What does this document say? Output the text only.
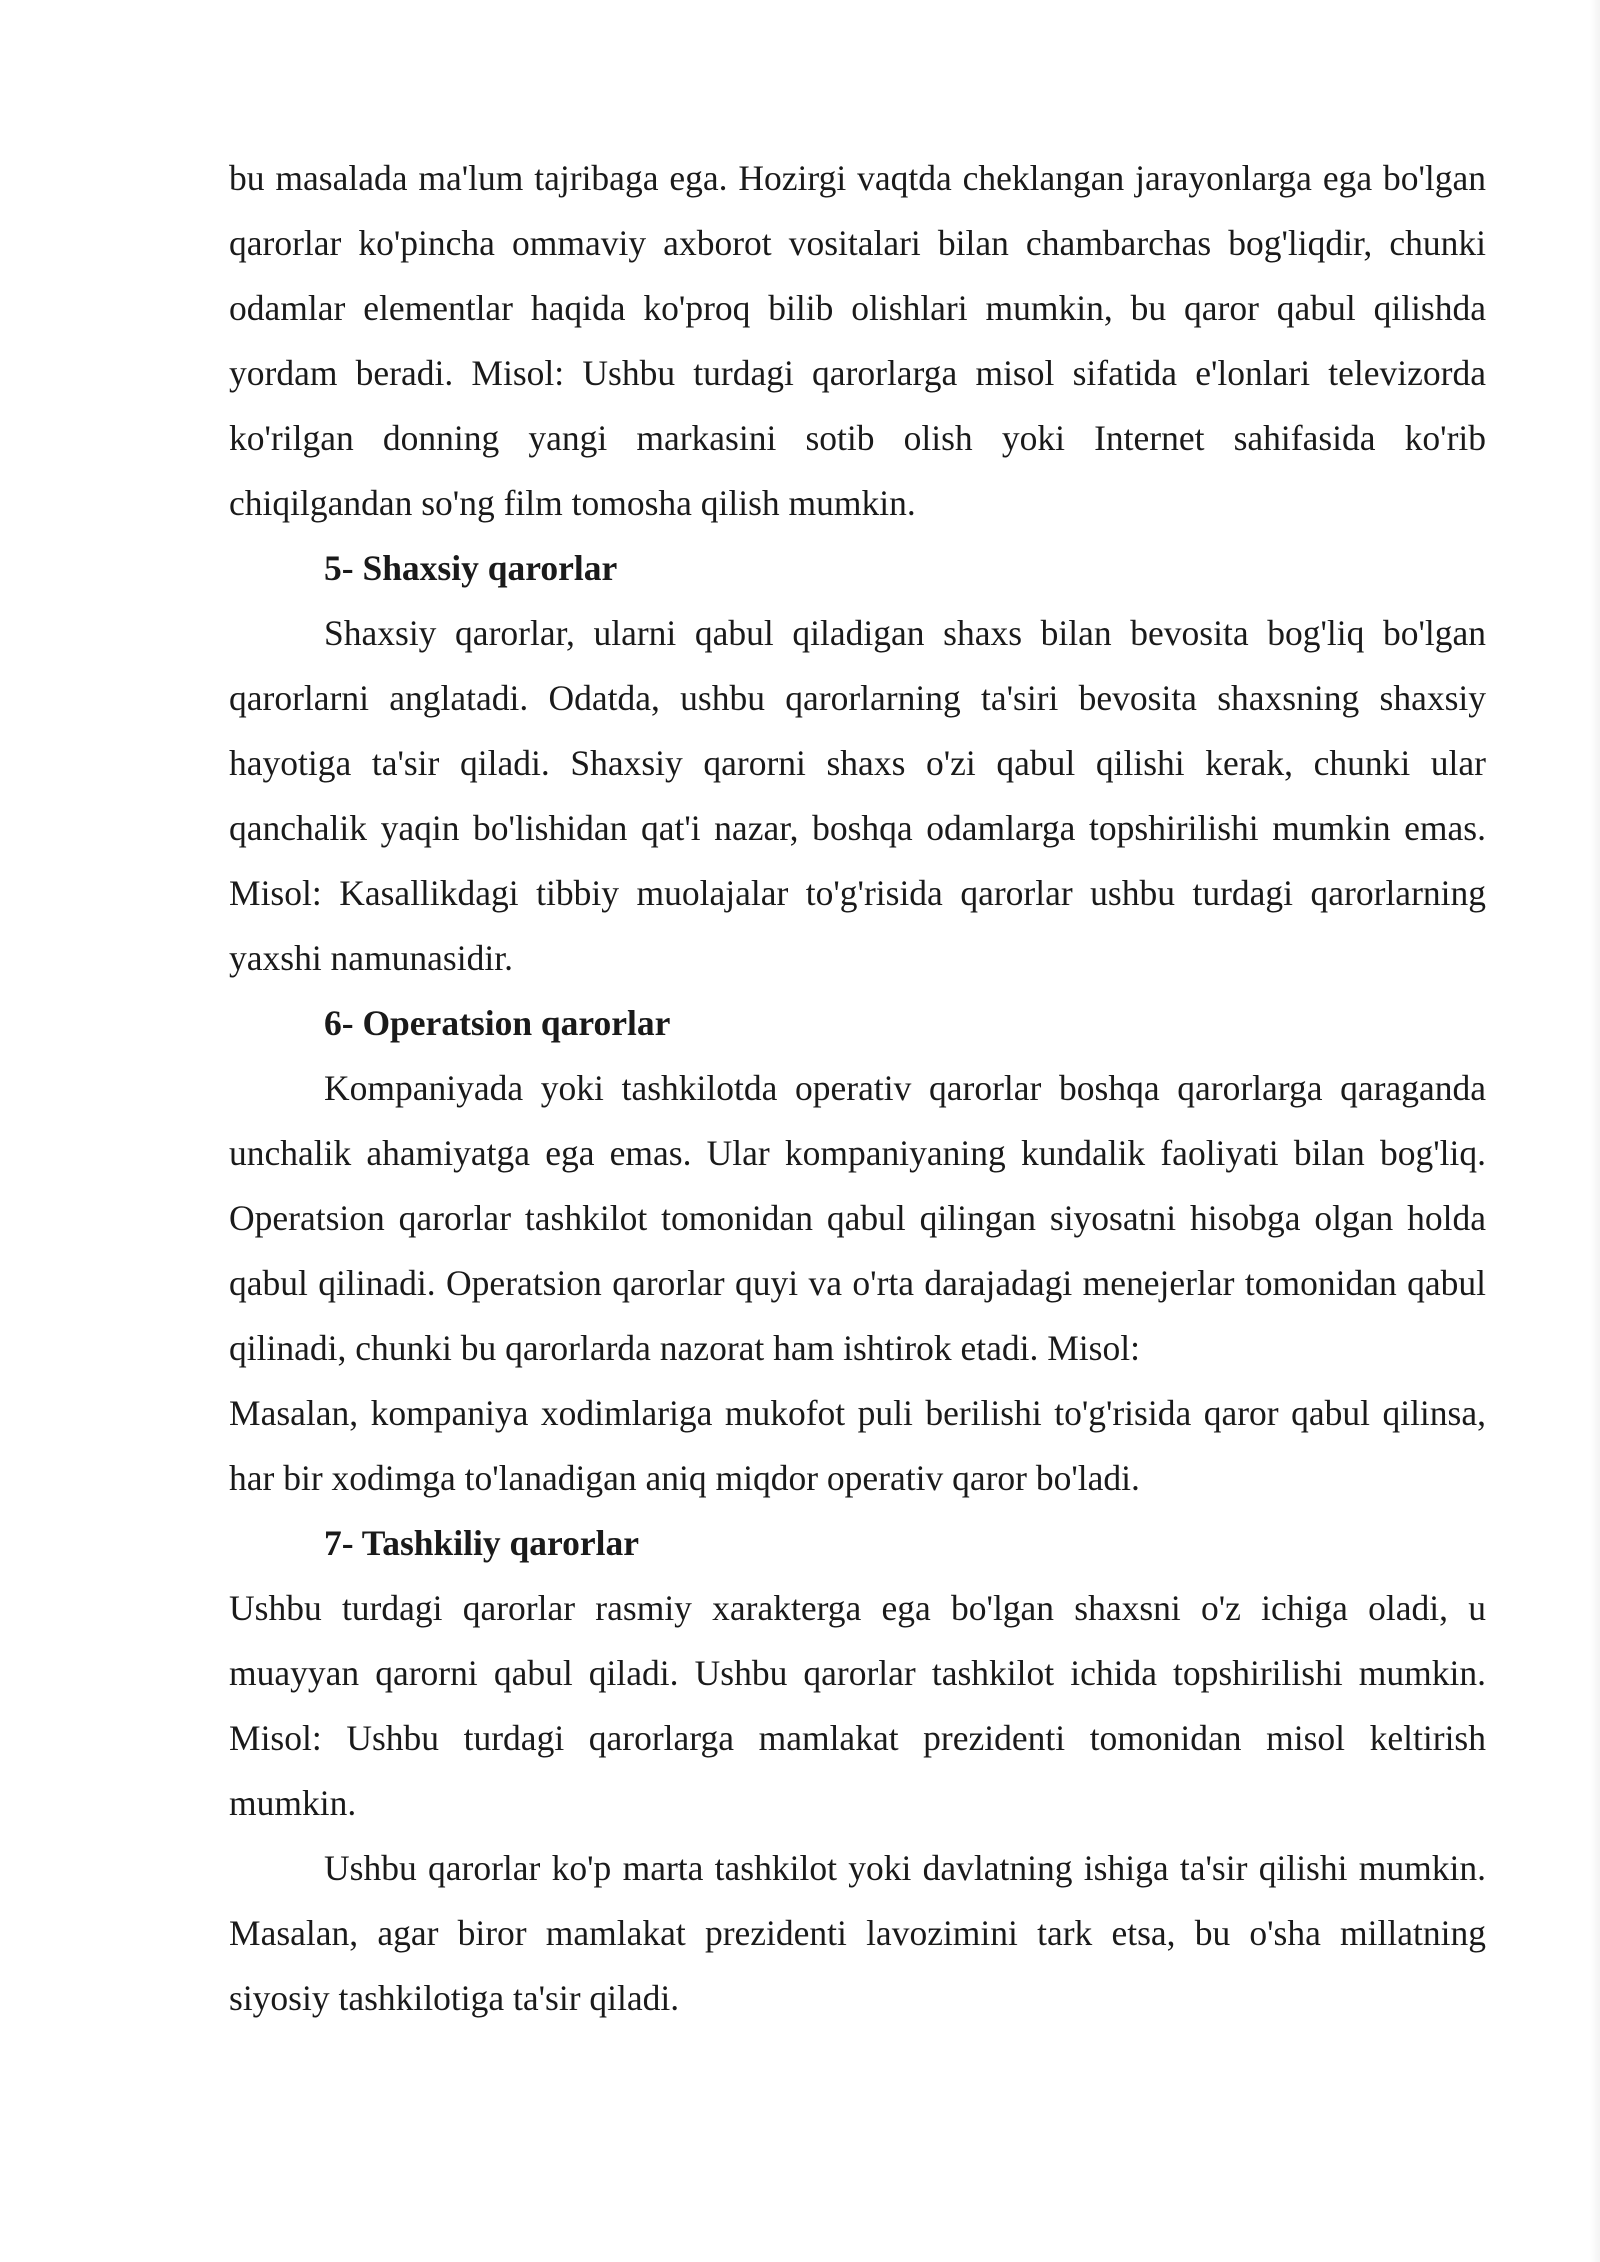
bu masalada ma'lum tajribaga ega. Hozirgi vaqtda cheklangan jarayonlarga ega bo'lgan qarorlar ko'pincha ommaviy axborot vositalari bilan chambarchas bog'liqdir, chunki odamlar elementlar haqida ko'proq bilib olishlari mumkin, bu qaror qabul qilishda yordam beradi. Misol: Ushbu turdagi qarorlarga misol sifatida e'lonlari televizorda ko'rilgan donning yangi markasini sotib olish yoki Internet sahifasida ko'rib chiqilgandan so'ng film tomosha qilish mumkin.

5- Shaxsiy qarorlar

Shaxsiy qarorlar, ularni qabul qiladigan shaxs bilan bevosita bog'liq bo'lgan qarorlarni anglatadi. Odatda, ushbu qarorlarning ta'siri bevosita shaxsning shaxsiy hayotiga ta'sir qiladi. Shaxsiy qarorni shaxs o'zi qabul qilishi kerak, chunki ular qanchalik yaqin bo'lishidan qat'i nazar, boshqa odamlarga topshirilishi mumkin emas. Misol: Kasallikdagi tibbiy muolajalar to'g'risida qarorlar ushbu turdagi qarorlarning yaxshi namunasidir.

6- Operatsion qarorlar

Kompaniyada yoki tashkilotda operativ qarorlar boshqa qarorlarga qaraganda unchalik ahamiyatga ega emas. Ular kompaniyaning kundalik faoliyati bilan bog'liq. Operatsion qarorlar tashkilot tomonidan qabul qilingan siyosatni hisobga olgan holda qabul qilinadi. Operatsion qarorlar quyi va o'rta darajadagi menejerlar tomonidan qabul qilinadi, chunki bu qarorlarda nazorat ham ishtirok etadi. Misol:

Masalan, kompaniya xodimlariga mukofot puli berilishi to'g'risida qaror qabul qilinsa, har bir xodimga to'lanadigan aniq miqdor operativ qaror bo'ladi.

7- Tashkiliy qarorlar

Ushbu turdagi qarorlar rasmiy xarakterga ega bo'lgan shaxsni o'z ichiga oladi, u muayyan qarorni qabul qiladi. Ushbu qarorlar tashkilot ichida topshirilishi mumkin. Misol: Ushbu turdagi qarorlarga mamlakat prezidenti tomonidan misol keltirish mumkin.

Ushbu qarorlar ko'p marta tashkilot yoki davlatning ishiga ta'sir qilishi mumkin. Masalan, agar biror mamlakat prezidenti lavozimini tark etsa, bu o'sha millatning siyosiy tashkilotiga ta'sir qiladi.
